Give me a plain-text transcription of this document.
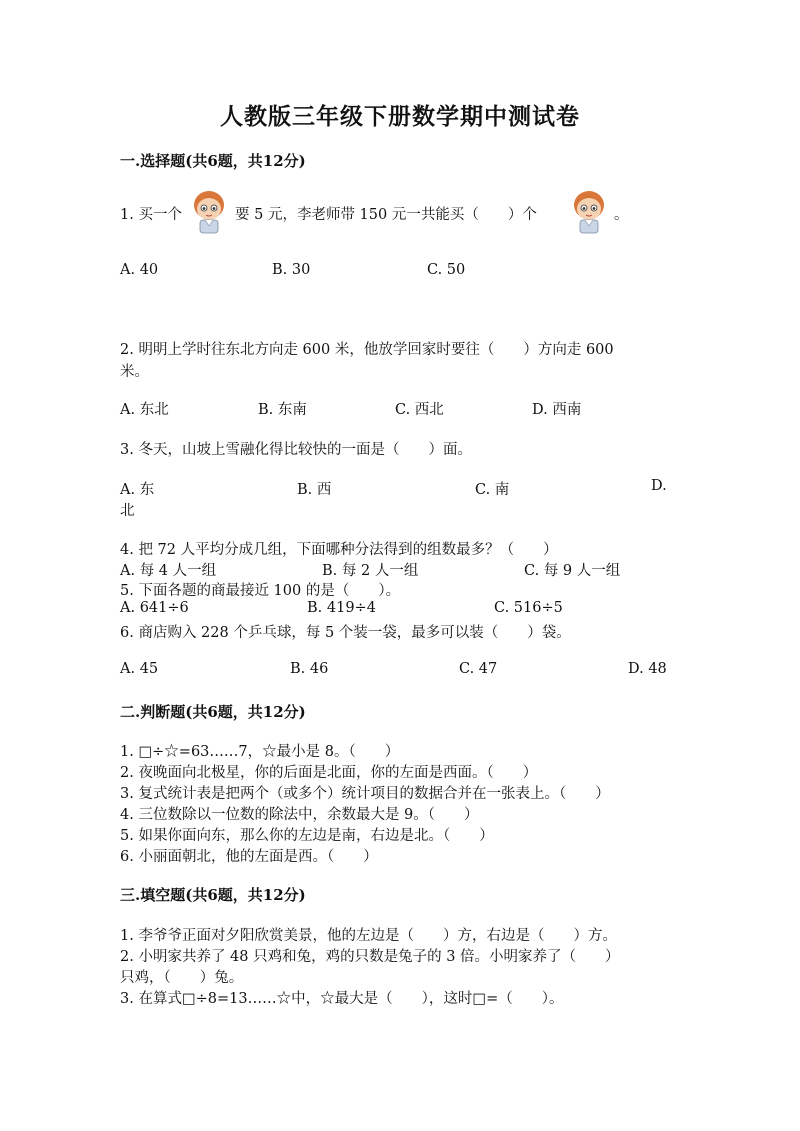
人教版三年级下册数学期中测试卷
一.选择题(共6题，共12分)
1. 买一个	要 5 元，李老师带 150 元一共能买（　　）个	。
A. 40	B. 30	C. 50
2. 明明上学时往东北方向走 600 米，他放学回家时要往（　　）方向走 600
米。
A. 东北	B. 东南	C. 西北	D. 西南
3. 冬天，山坡上雪融化得比较快的一面是（　　）面。
A. 东	B. 西	C. 南	D.
北
4. 把 72 人平均分成几组，下面哪种分法得到的组数最多？（　　）
A. 每 4 人一组	B. 每 2 人一组	C. 每 9 人一组
5. 下面各题的商最接近 100 的是（　　）。
A. 641÷6	B. 419÷4	C. 516÷5
6. 商店购入 228 个乒乓球，每 5 个装一袋，最多可以装（　　）袋。
A. 45	B. 46	C. 47	D. 48
二.判断题(共6题，共12分)
1. □÷☆=63……7，☆最小是 8。（　　）
2. 夜晚面向北极星，你的后面是北面，你的左面是西面。（　　）
3. 复式统计表是把两个（或多个）统计项目的数据合并在一张表上。（　　）
4. 三位数除以一位数的除法中，余数最大是 9。（　　）
5. 如果你面向东，那么你的左边是南，右边是北。（　　）
6. 小丽面朝北，他的左面是西。（　　）
三.填空题(共6题，共12分)
1. 李爷爷正面对夕阳欣赏美景，他的左边是（　　）方，右边是（　　）方。
2. 小明家共养了 48 只鸡和兔，鸡的只数是兔子的 3 倍。小明家养了（　　）
只鸡，（　　）兔。
3. 在算式□÷8=13……☆中，☆最大是（　　），这时□=（　　）。
